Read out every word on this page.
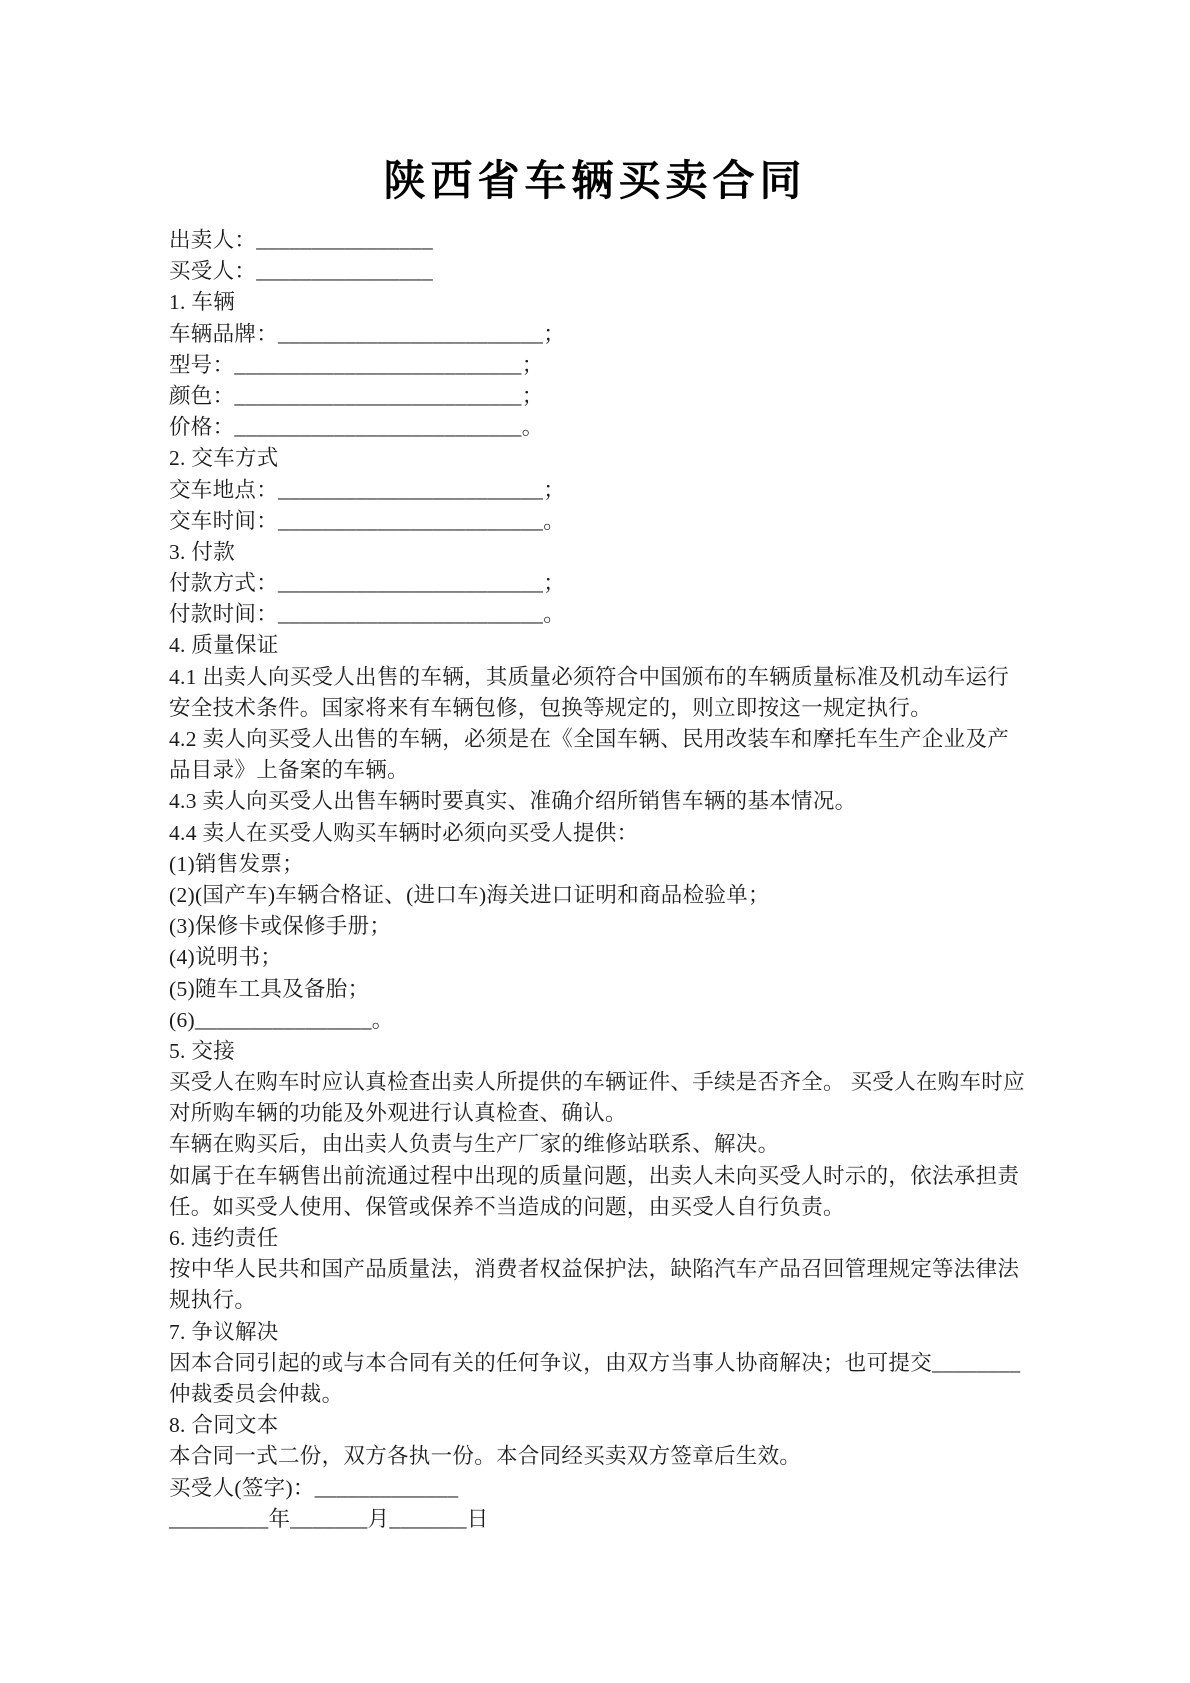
陕西省车辆买卖合同
出卖人：________________
买受人：________________
1. 车辆
车辆品牌：________________________；
型号：__________________________；
颜色：__________________________；
价格：__________________________。
2. 交车方式
交车地点：________________________；
交车时间：________________________。
3. 付款
付款方式：________________________；
付款时间：________________________。
4. 质量保证
4.1 出卖人向买受人出售的车辆，其质量必须符合中国颁布的车辆质量标准及机动车运行
安全技术条件。国家将来有车辆包修，包换等规定的，则立即按这一规定执行。
4.2 卖人向买受人出售的车辆，必须是在《全国车辆、民用改装车和摩托车生产企业及产
品目录》上备案的车辆。
4.3 卖人向买受人出售车辆时要真实、准确介绍所销售车辆的基本情况。
4.4 卖人在买受人购买车辆时必须向买受人提供：
(1)销售发票；
(2)(国产车)车辆合格证、(进口车)海关进口证明和商品检验单；
(3)保修卡或保修手册；
(4)说明书；
(5)随车工具及备胎；
(6)________________。
5. 交接
买受人在购车时应认真检查出卖人所提供的车辆证件、手续是否齐全。 买受人在购车时应
对所购车辆的功能及外观进行认真检查、确认。
车辆在购买后，由出卖人负责与生产厂家的维修站联系、解决。
如属于在车辆售出前流通过程中出现的质量问题，出卖人未向买受人时示的，依法承担责
任。如买受人使用、保管或保养不当造成的问题，由买受人自行负责。
6. 违约责任
按中华人民共和国产品质量法，消费者权益保护法，缺陷汽车产品召回管理规定等法律法
规执行。
7. 争议解决
因本合同引起的或与本合同有关的任何争议，由双方当事人协商解决；也可提交________
仲裁委员会仲裁。
8. 合同文本
本合同一式二份，双方各执一份。本合同经买卖双方签章后生效。
买受人(签字)：_____________
_________年_______月_______日
